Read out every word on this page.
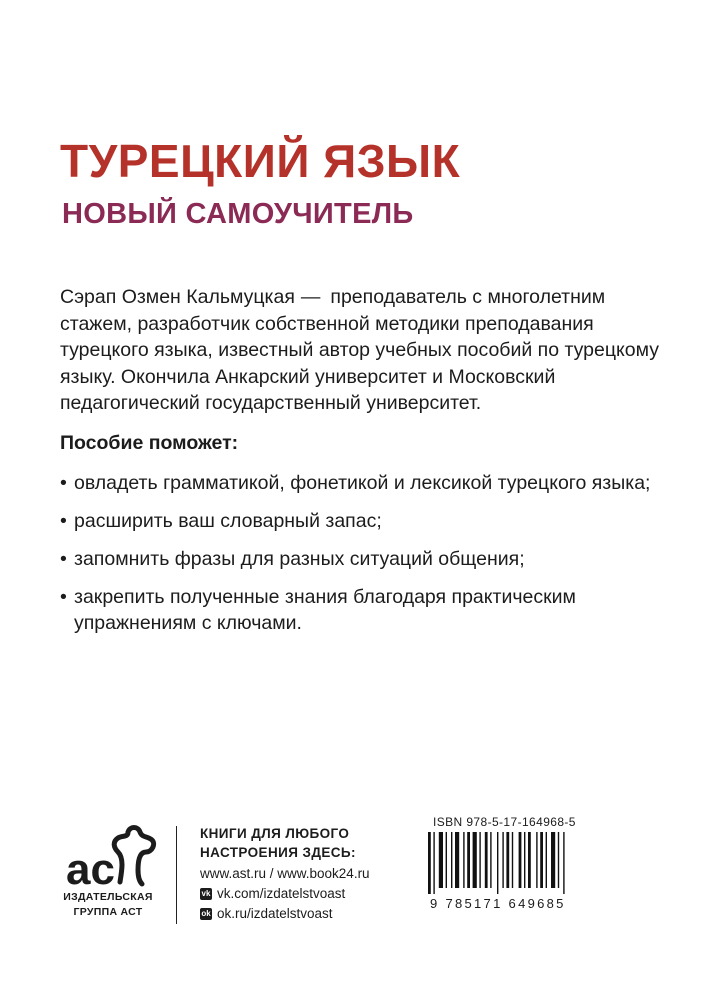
ТУРЕЦКИЙ ЯЗЫК
НОВЫЙ САМОУЧИТЕЛЬ

Сэрап Озмен Кальмуцкая — преподаватель с многолетним стажем, разработчик собственной методики преподавания турецкого языка, известный автор учебных пособий по турецкому языку. Окончила Анкарский университет и Московский педагогический государственный университет.

Пособие поможет:

• овладеть грамматикой, фонетикой и лексикой турецкого языка;
• расширить ваш словарный запас;
• запомнить фразы для разных ситуаций общения;
• закрепить полученные знания благодаря практическим упражнениям с ключами.
ac
ИЗДАТЕЛЬСКАЯ
ГРУППА АСТ
КНИГИ ДЛЯ ЛЮБОГО
НАСТРОЕНИЯ ЗДЕСЬ:
www.ast.ru / www.book24.ru
vk vk.com/izdatelstvoast
ok ok.ru/izdatelstvoast
ISBN 978-5-17-164968-5
9 785171 649685
